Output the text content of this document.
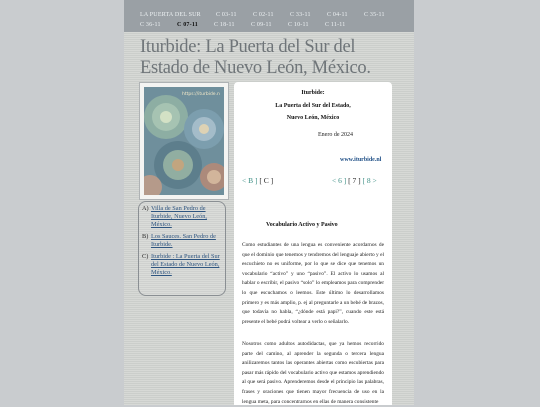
LA PUERTA DEL SUR	C 03-11	C 02-11	C 33-11	C 04-11	C 35-11
C 36-11	C 07-11	C 18-11	C 09-11	C 10-11	C 11-11
Iturbide: La Puerta del Sur del Estado de Nuevo León, México.
https://iturbide.n
A) Villa de San Pedro de Iturbide, Nuevo León, México.
B) Los Sauces. San Pedro de Iturbide.
C) Iturbide : La Puerta del Sur del Estado de Nuevo León, México.
Iturbide:
La Puerta del Sur del Estado,
Nuevo León, México
Enero de 2024
www.iturbide.nl
< B ] [ C ]	< 6 ] [ 7 ] [ 8 >
Vocabulario Activo y Pasivo
Como estudiantes de una lengua es conveniente acordarnos de que el dominio que tenemos y tendremos del lenguaje abierto y el escuchieto no es uniforme, por lo que se dice que tenemos un vocabulario “activo” y uno “pasivo”. El activo lo usamos al hablar o escribir, el pasivo “solo” lo empleamos para comprender lo que escuchamos o leemos. Este último lo desarrollamos primero y es más amplio, p. ej al preguntarle a un bebé de brazos, que todavía no habla, “¿dónde está papi?”, cuando este está presente el bebé podrá voltear a verlo o señalarlo.
Nosotros como adultos autodidactas, que ya hemos recorrido parte del camino, al aprender la segunda o tercera lengua anilizaremos tantos las operantes abiertas como escubiertas para pasar más rápido del vocabulario activo que estamos aprendiendo al que será pasivo. Aprenderemos desde el principio las palabras, frases y oraciones que tienen mayor frecuencia de uso en la lengua meta, para concentrarnos en ellas de manera consistente
